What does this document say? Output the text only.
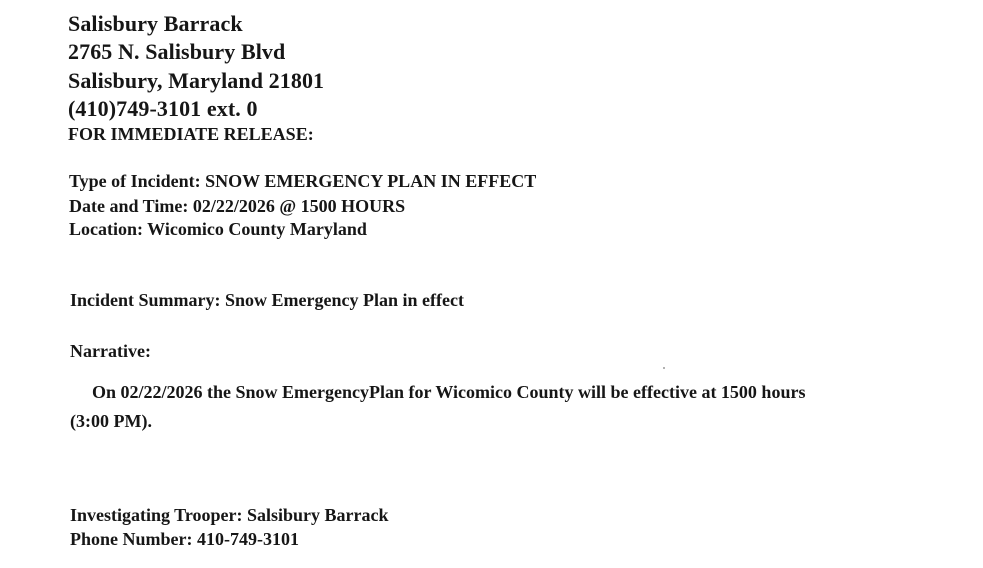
Salisbury Barrack
2765 N. Salisbury Blvd
Salisbury, Maryland 21801
(410)749-3101 ext. 0
FOR IMMEDIATE RELEASE:
Type of Incident: SNOW EMERGENCY PLAN IN EFFECT
Date and Time: 02/22/2026 @ 1500 HOURS
Location: Wicomico County Maryland
Incident Summary: Snow Emergency Plan in effect
Narrative:
On 02/22/2026 the Snow EmergencyPlan for Wicomico County will be effective at 1500 hours
(3:00 PM).
Investigating Trooper: Salsibury Barrack
Phone Number: 410-749-3101
